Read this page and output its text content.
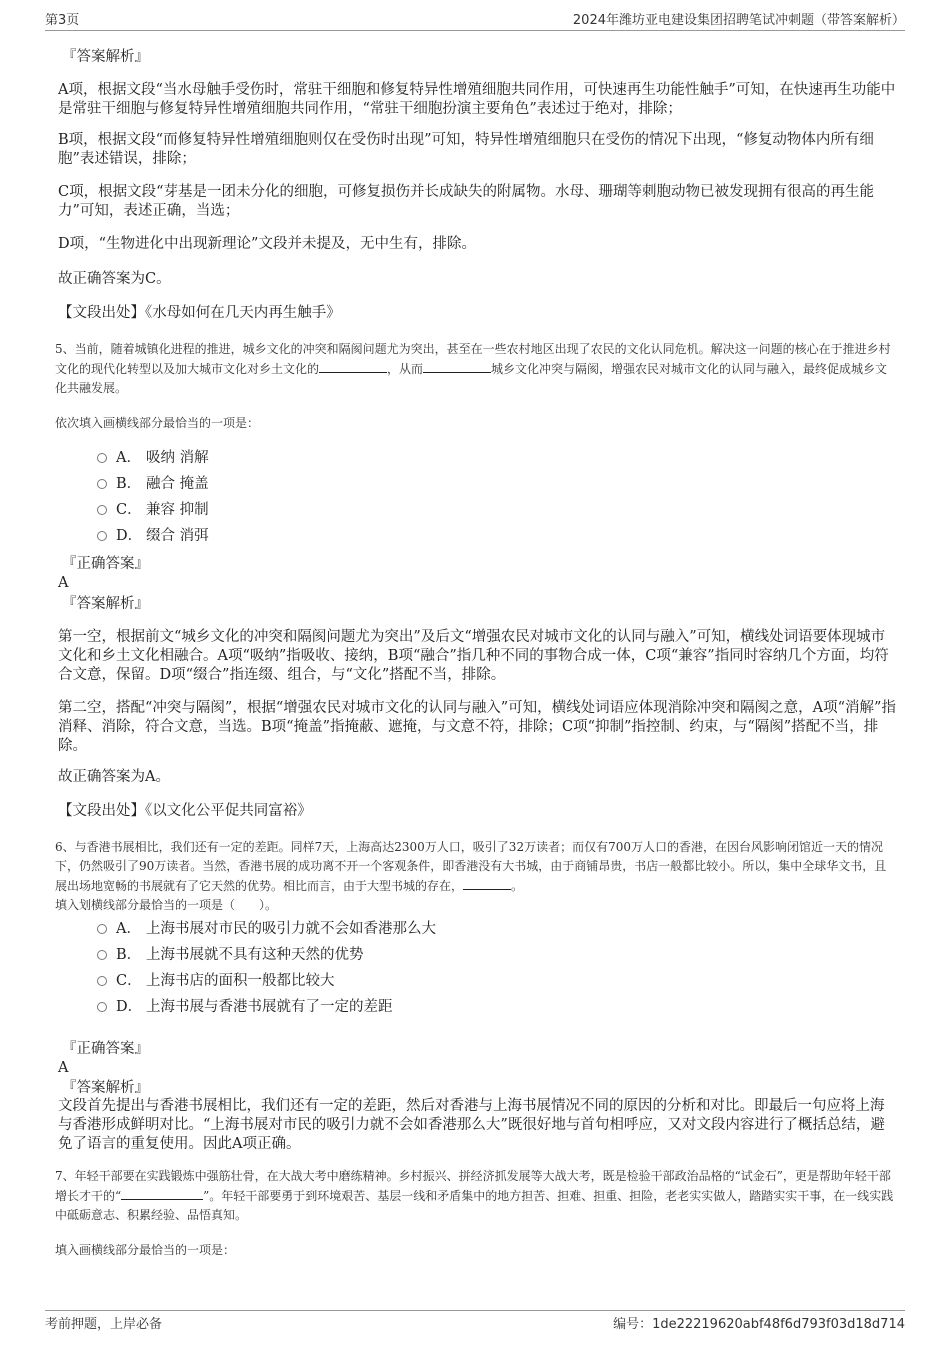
第3页	2024年潍坊亚电建设集团招聘笔试冲刺题（带答案解析）
『答案解析』

A项，根据文段“当水母触手受伤时，常驻干细胞和修复特异性增殖细胞共同作用，可快速再生功能性触手”可知，在快速再生功能中是常驻干细胞与修复特异性增殖细胞共同作用，“常驻干细胞扮演主要角色”表述过于绝对，排除；

B项，根据文段“而修复特异性增殖细胞则仅在受伤时出现”可知，特异性增殖细胞只在受伤的情况下出现，“修复动物体内所有细胞”表述错误，排除；

C项，根据文段“芽基是一团未分化的细胞，可修复损伤并长成缺失的附属物。水母、珊瑚等刺胞动物已被发现拥有很高的再生能力”可知，表述正确，当选；

D项，“生物进化中出现新理论”文段并未提及，无中生有，排除。

故正确答案为C。

【文段出处】《水母如何在几天内再生触手》

5、当前，随着城镇化进程的推进，城乡文化的冲突和隔阂问题尤为突出，甚至在一些农村地区出现了农民的文化认同危机。解决这一问题的核心在于推进乡村文化的现代化转型以及加大城市文化对乡土文化的	，从而	城乡文化冲突与隔阂，增强农民对城市文化的认同与融入，最终促成城乡文化共融发展。

依次填入画横线部分最恰当的一项是：

A． 吸纳 消解
B． 融合 掩盖
C． 兼容 抑制
D． 缀合 消弭
『正确答案』
A
『答案解析』

第一空，根据前文“城乡文化的冲突和隔阂问题尤为突出”及后文“增强农民对城市文化的认同与融入”可知，横线处词语要体现城市文化和乡土文化相融合。A项“吸纳”指吸收、接纳，B项“融合”指几种不同的事物合成一体，C项“兼容”指同时容纳几个方面，均符合文意，保留。D项“缀合”指连缀、组合，与“文化”搭配不当，排除。

第二空，搭配“冲突与隔阂”，根据“增强农民对城市文化的认同与融入”可知，横线处词语应体现消除冲突和隔阂之意，A项“消解”指消释、消除，符合文意，当选。B项“掩盖”指掩蔽、遮掩，与文意不符，排除；C项“抑制”指控制、约束，与“隔阂”搭配不当，排除。

故正确答案为A。

【文段出处】《以文化公平促共同富裕》

6、与香港书展相比，我们还有一定的差距。同样7天，上海高达2300万人口，吸引了32万读者；而仅有700万人口的香港，在因台风影响闭馆近一天的情况下，仍然吸引了90万读者。当然，香港书展的成功离不开一个客观条件，即香港没有大书城，由于商铺昂贵，书店一般都比较小。所以，集中全球华文书，且展出场地宽畅的书展就有了它天然的优势。相比而言，由于大型书城的存在，	。

填入划横线部分最恰当的一项是（　　）。

A． 上海书展对市民的吸引力就不会如香港那么大
B． 上海书展就不具有这种天然的优势
C． 上海书店的面积一般都比较大
D． 上海书展与香港书展就有了一定的差距
『正确答案』
A
『答案解析』

文段首先提出与香港书展相比，我们还有一定的差距，然后对香港与上海书展情况不同的原因的分析和对比。即最后一句应将上海与香港形成鲜明对比。“上海书展对市民的吸引力就不会如香港那么大”既很好地与首句相呼应，又对文段内容进行了概括总结，避免了语言的重复使用。因此A项正确。

7、年轻干部要在实践锻炼中强筋壮骨，在大战大考中磨练精神。乡村振兴、拼经济抓发展等大战大考，既是检验干部政治品格的“试金石”，更是帮助年轻干部增长才干的“	”。年轻干部要勇于到环境艰苦、基层一线和矛盾集中的地方担苦、担难、担重、担险，老老实实做人，踏踏实实干事，在一线实践中砥砺意志、积累经验、品悟真知。

填入画横线部分最恰当的一项是：

考前押题，上岸必备	编号：1de22219620abf48f6d793f03d18d714
